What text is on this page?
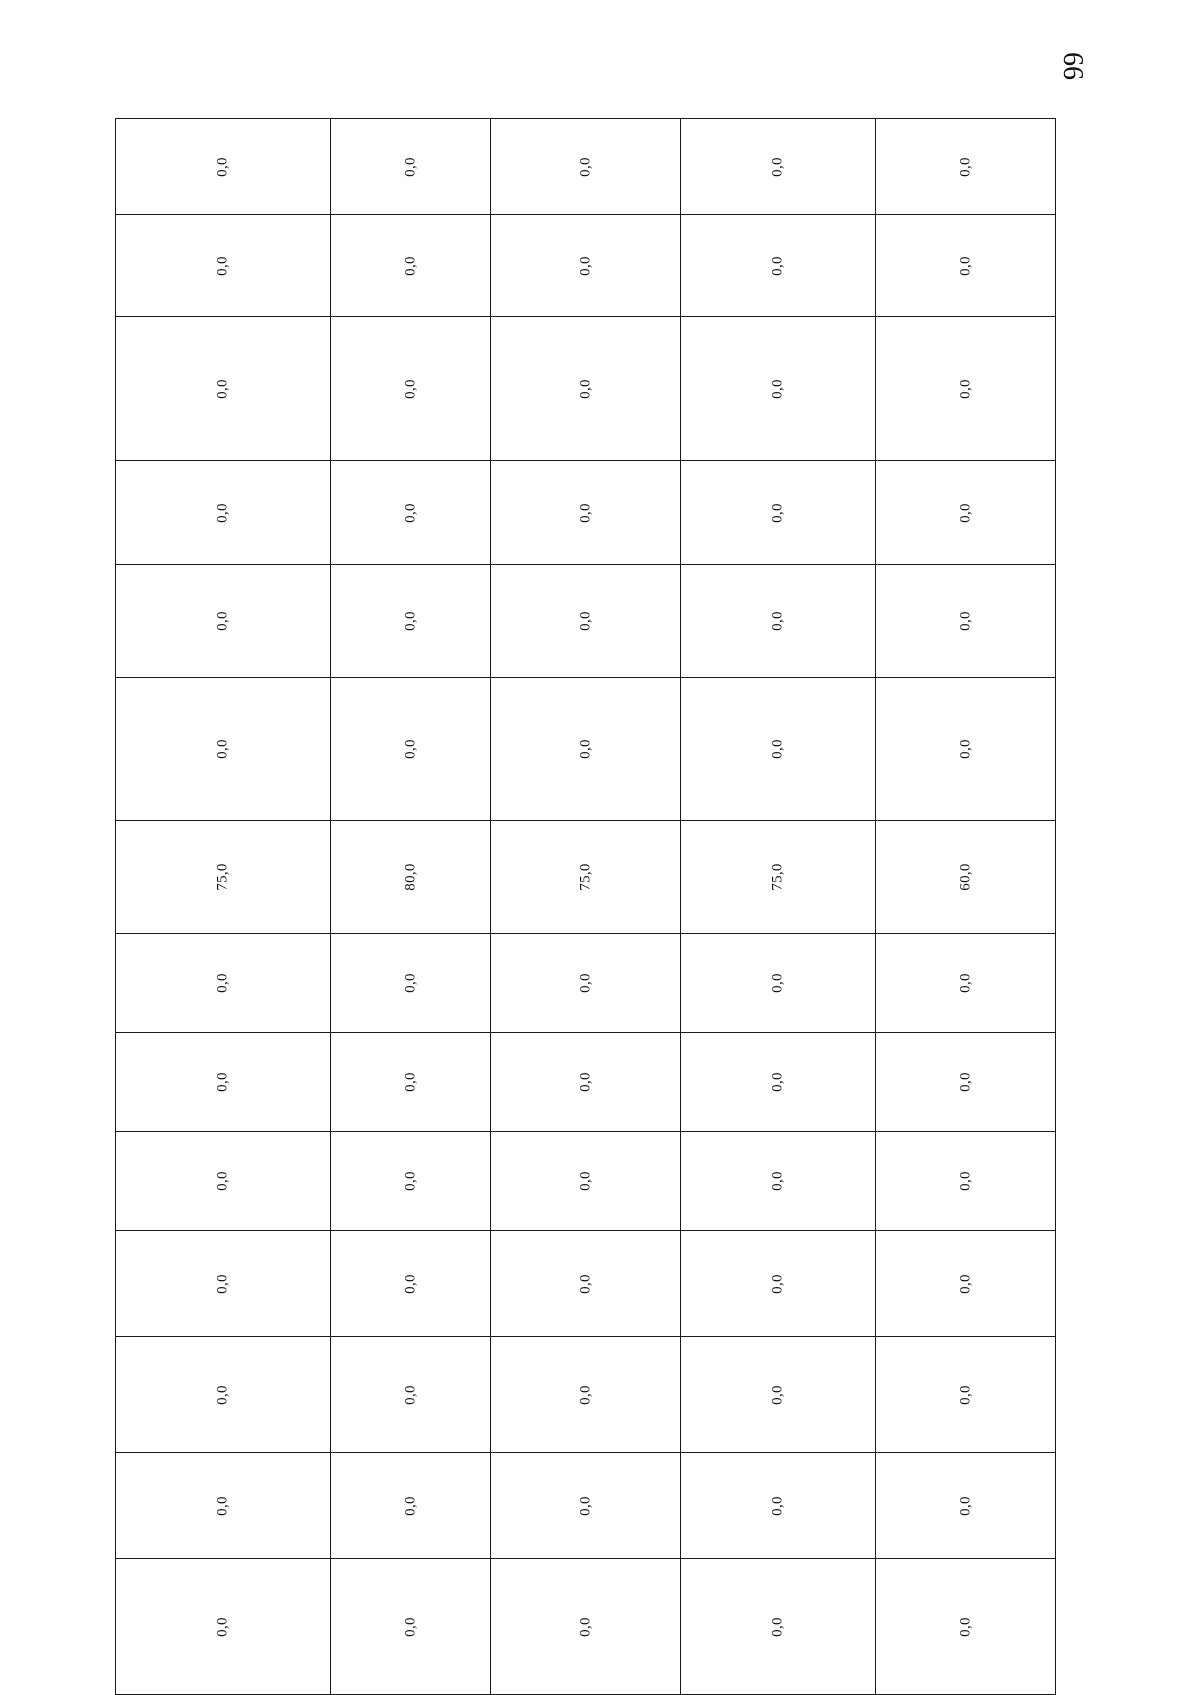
66
0,0	0,0	0,0	0,0	0,0

0,0	0,0	0,0	0,0	0,0

0,0	0,0	0,0	0,0	0,0

0,0	0,0	0,0	0,0	0,0

0,0	0,0	0,0	0,0	0,0

0,0	0,0	0,0	0,0	0,0

75,0	80,0	75,0	75,0	60,0

0,0	0,0	0,0	0,0	0,0

0,0	0,0	0,0	0,0	0,0

0,0	0,0	0,0	0,0	0,0

0,0	0,0	0,0	0,0	0,0

0,0	0,0	0,0	0,0	0,0

0,0	0,0	0,0	0,0	0,0

0,0	0,0	0,0	0,0	0,0
